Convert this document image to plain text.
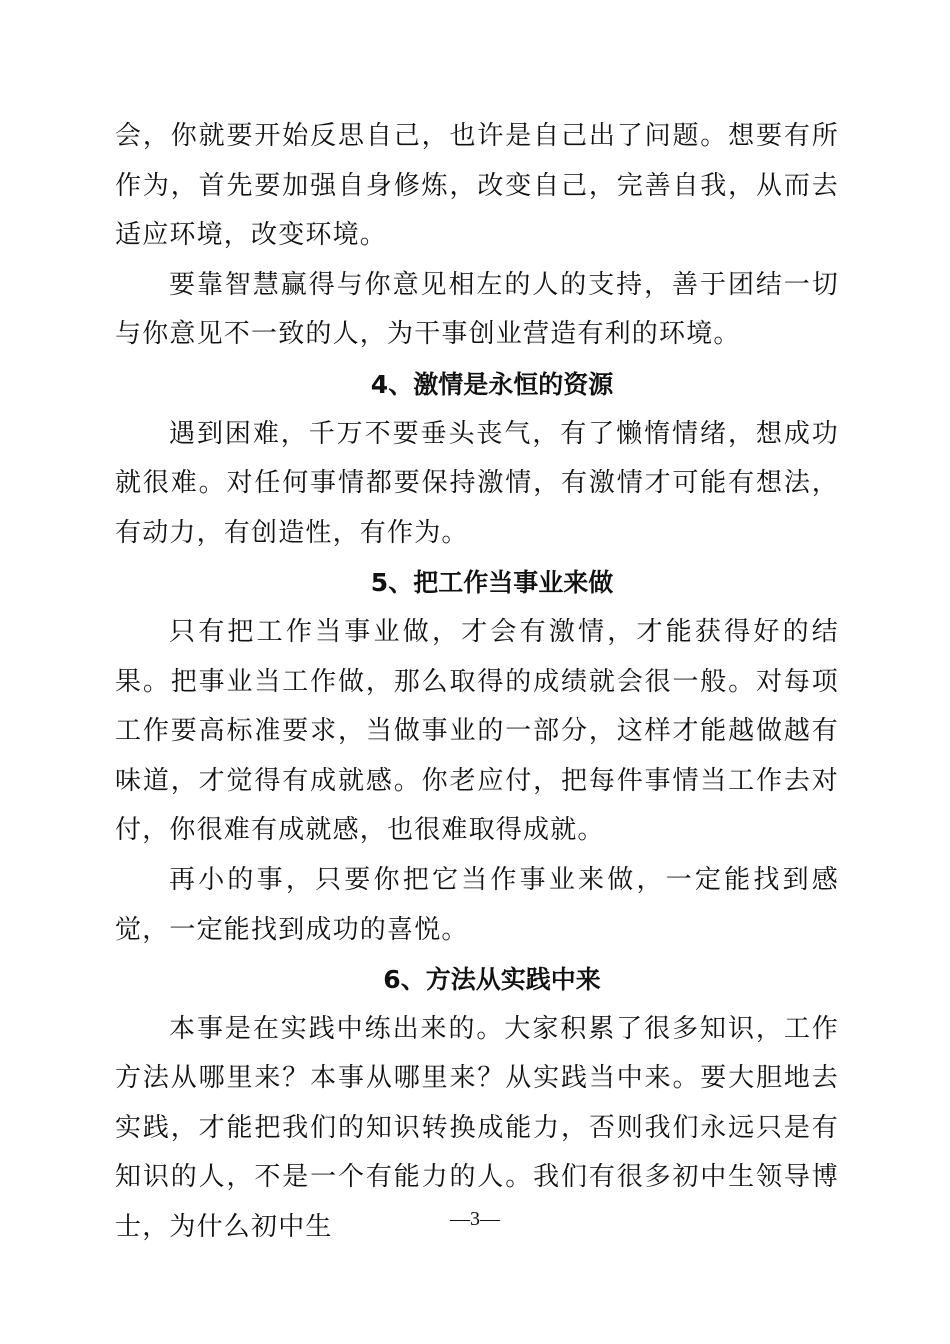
会，你就要开始反思自己，也许是自己出了问题。想要有所作为，首先要加强自身修炼，改变自己，完善自我，从而去适应环境，改变环境。

要靠智慧赢得与你意见相左的人的支持，善于团结一切与你意见不一致的人，为干事创业营造有利的环境。

4、激情是永恒的资源

遇到困难，千万不要垂头丧气，有了懒惰情绪，想成功就很难。对任何事情都要保持激情，有激情才可能有想法，有动力，有创造性，有作为。

5、把工作当事业来做

只有把工作当事业做，才会有激情，才能获得好的结果。把事业当工作做，那么取得的成绩就会很一般。对每项工作要高标准要求，当做事业的一部分，这样才能越做越有味道，才觉得有成就感。你老应付，把每件事情当工作去对付，你很难有成就感，也很难取得成就。

再小的事，只要你把它当作事业来做，一定能找到感觉，一定能找到成功的喜悦。

6、方法从实践中来

本事是在实践中练出来的。大家积累了很多知识，工作方法从哪里来？本事从哪里来？从实践当中来。要大胆地去实践，才能把我们的知识转换成能力，否则我们永远只是有知识的人，不是一个有能力的人。我们有很多初中生领导博士，为什么初中生	—3—
